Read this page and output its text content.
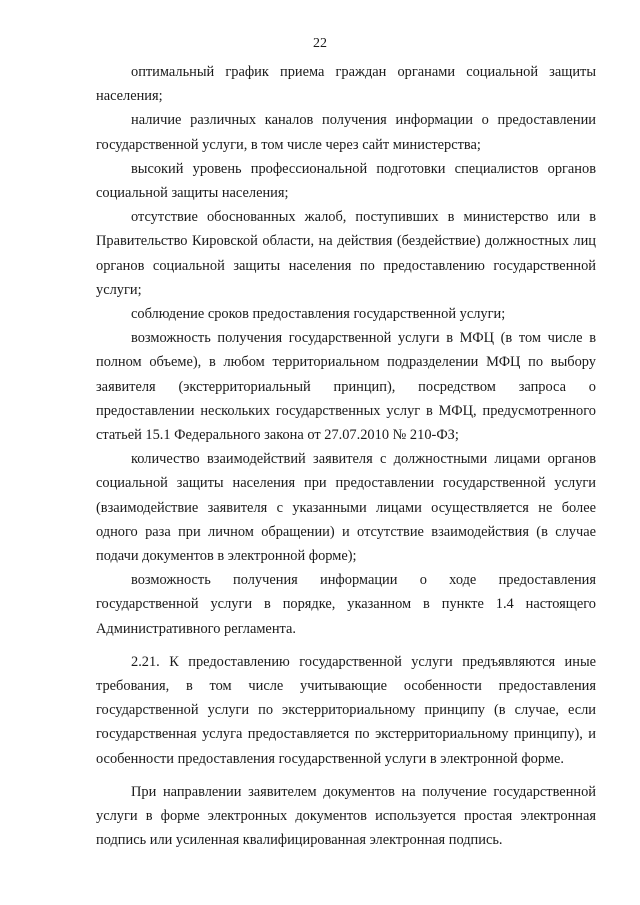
22

оптимальный график приема граждан органами социальной защиты населения;

наличие различных каналов получения информации о предоставлении государственной услуги, в том числе через сайт министерства;

высокий уровень профессиональной подготовки специалистов органов социальной защиты населения;

отсутствие обоснованных жалоб, поступивших в министерство или в Правительство Кировской области, на действия (бездействие) должностных лиц органов социальной защиты населения по предоставлению государственной услуги;

соблюдение сроков предоставления государственной услуги;

возможность получения государственной услуги в МФЦ (в том числе в полном объеме), в любом территориальном подразделении МФЦ по выбору заявителя (экстерриториальный принцип), посредством запроса о предоставлении нескольких государственных услуг в МФЦ, предусмотренного статьей 15.1 Федерального закона от 27.07.2010 № 210-ФЗ;

количество взаимодействий заявителя с должностными лицами органов социальной защиты населения при предоставлении государственной услуги (взаимодействие заявителя с указанными лицами осуществляется не более одного раза при личном обращении) и отсутствие взаимодействия (в случае подачи документов в электронной форме);

возможность получения информации о ходе предоставления государственной услуги в порядке, указанном в пункте 1.4 настоящего Административного регламента.

2.21. К предоставлению государственной услуги предъявляются иные требования, в том числе учитывающие особенности предоставления государственной услуги по экстерриториальному принципу (в случае, если государственная услуга предоставляется по экстерриториальному принципу), и особенности предоставления государственной услуги в электронной форме.

При направлении заявителем документов на получение государственной услуги в форме электронных документов используется простая электронная подпись или усиленная квалифицированная электронная подпись.
